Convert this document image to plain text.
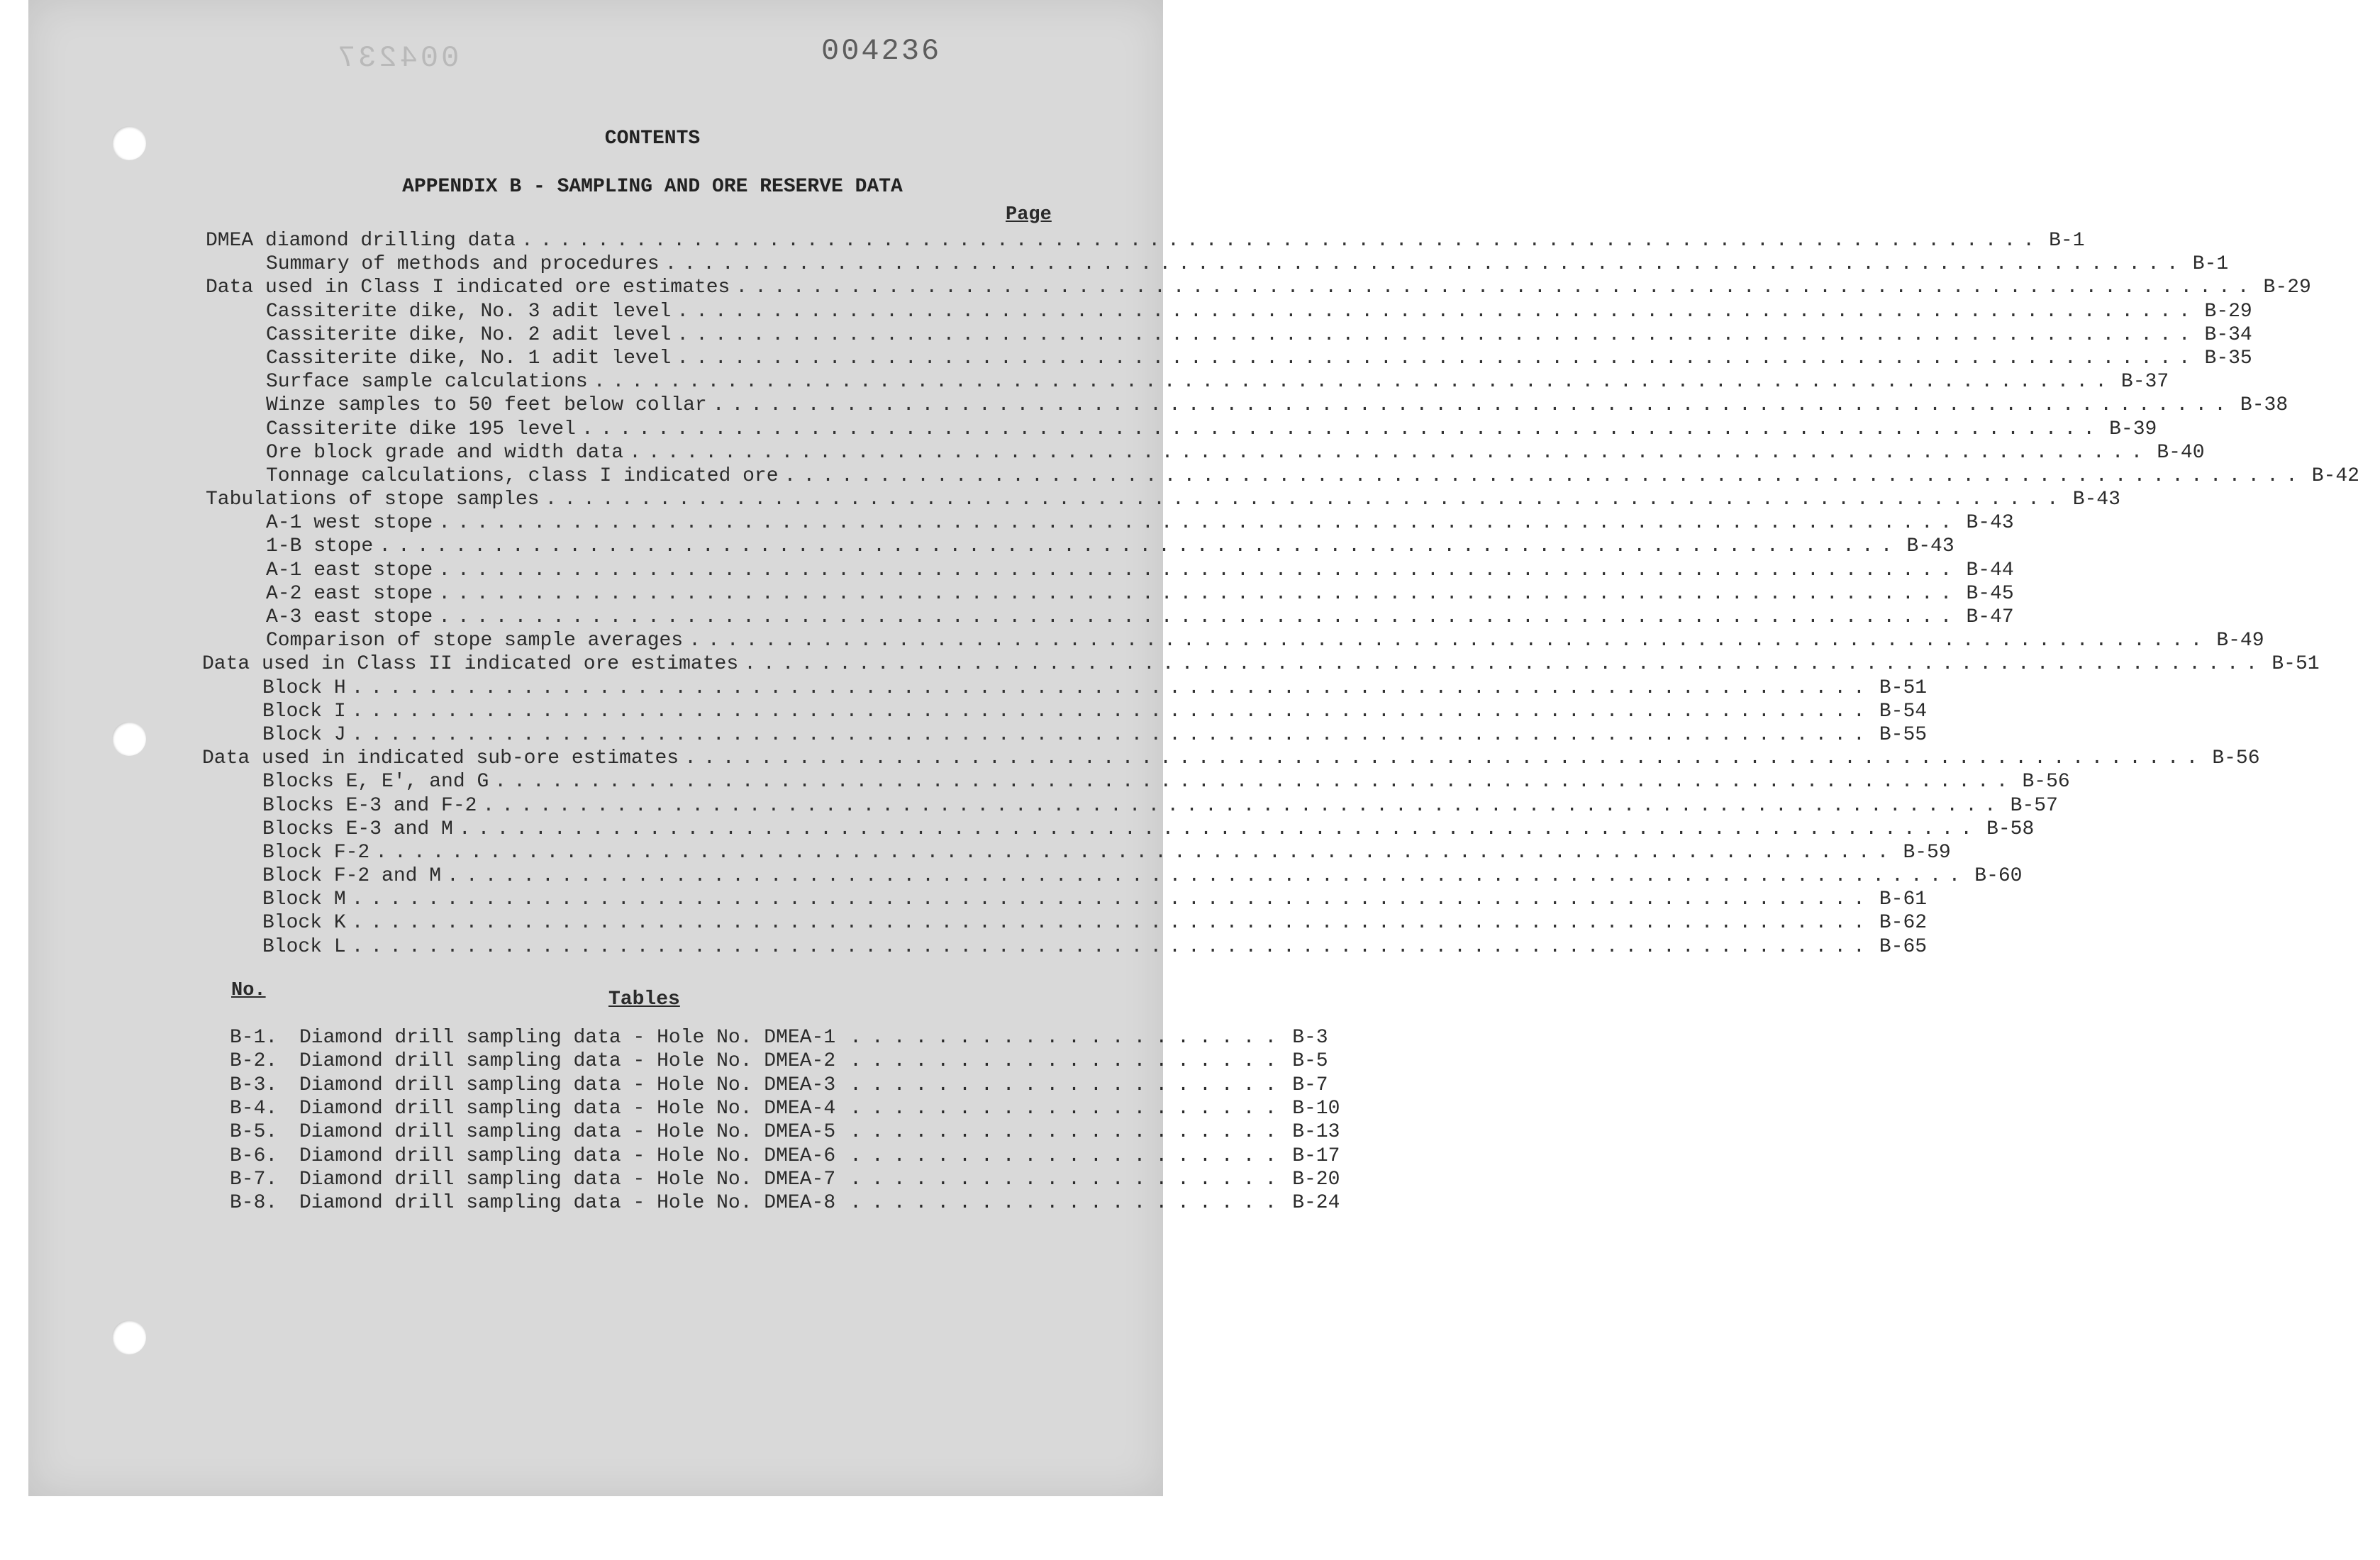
004237	004236
CONTENTS
APPENDIX B - SAMPLING AND ORE RESERVE DATA
Page
DMEA diamond drilling data ................................................................................ B-1
Summary of methods and procedures ................................................................................ B-1
Data used in Class I indicated ore estimates ................................................................................ B-29
Cassiterite dike, No. 3 adit level ................................................................................ B-29
Cassiterite dike, No. 2 adit level ................................................................................ B-34
Cassiterite dike, No. 1 adit level ................................................................................ B-35
Surface sample calculations ................................................................................ B-37
Winze samples to 50 feet below collar ................................................................................ B-38
Cassiterite dike 195 level ................................................................................ B-39
Ore block grade and width data ................................................................................ B-40
Tonnage calculations, class I indicated ore ................................................................................ B-42
Tabulations of stope samples ................................................................................ B-43
A-1 west stope ................................................................................ B-43
1-B stope ................................................................................ B-43
A-1 east stope ................................................................................ B-44
A-2 east stope ................................................................................ B-45
A-3 east stope ................................................................................ B-47
Comparison of stope sample averages ................................................................................ B-49
Data used in Class II indicated ore estimates ................................................................................ B-51
Block H ................................................................................ B-51
Block I ................................................................................ B-54
Block J ................................................................................ B-55
Data used in indicated sub-ore estimates ................................................................................ B-56
Blocks E, E', and G ................................................................................ B-56
Blocks E-3 and F-2 ................................................................................ B-57
Blocks E-3 and M ................................................................................ B-58
Block F-2 ................................................................................ B-59
Block F-2 and M ................................................................................ B-60
Block M ................................................................................ B-61
Block K ................................................................................ B-62
Block L ................................................................................ B-65
No.	Tables
B-1.	Diamond drill sampling data - Hole No. DMEA-1 .................... B-3
B-2.	Diamond drill sampling data - Hole No. DMEA-2 .................... B-5
B-3.	Diamond drill sampling data - Hole No. DMEA-3 .................... B-7
B-4.	Diamond drill sampling data - Hole No. DMEA-4 .................... B-10
B-5.	Diamond drill sampling data - Hole No. DMEA-5 .................... B-13
B-6.	Diamond drill sampling data - Hole No. DMEA-6 .................... B-17
B-7.	Diamond drill sampling data - Hole No. DMEA-7 .................... B-20
B-8.	Diamond drill sampling data - Hole No. DMEA-8 .................... B-24
